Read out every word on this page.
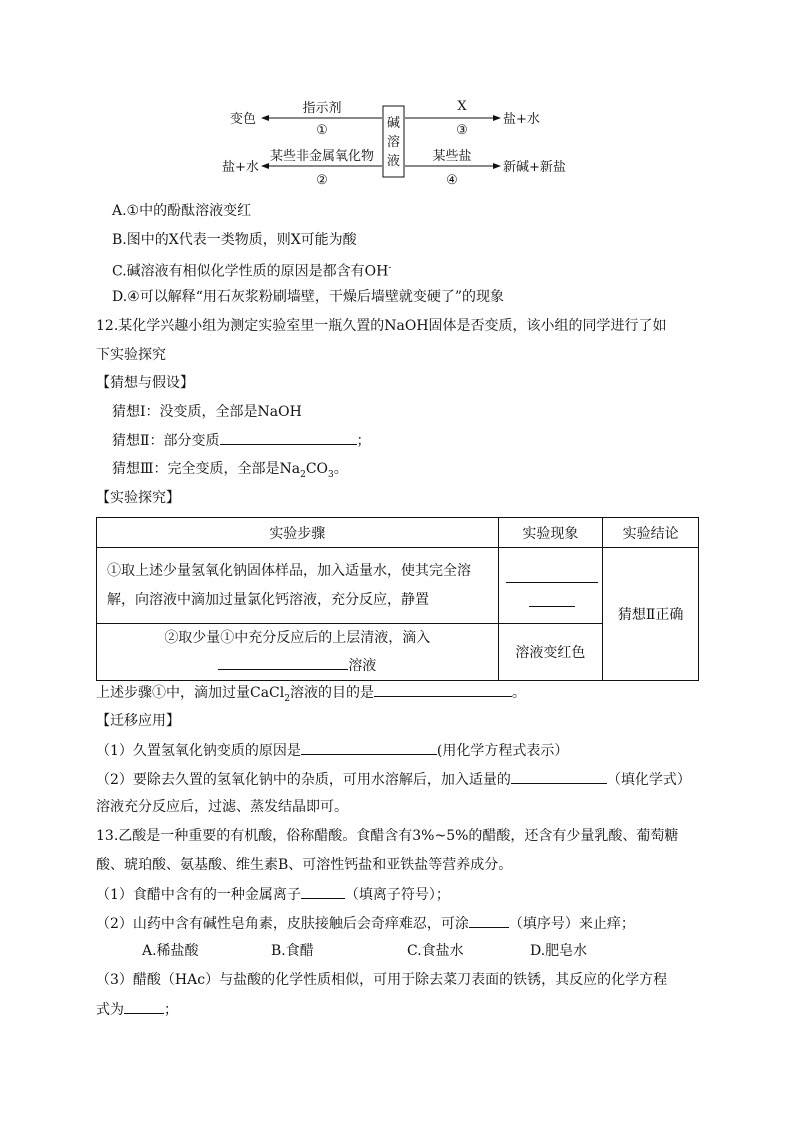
碱
溶
液
指示剂
①
变色
某些非金属氧化物
②
盐+水
X
③
盐+水
某些盐
④
新碱+新盐
A.①中的酚酞溶液变红
B.图中的X代表一类物质，则X可能为酸
C.碱溶液有相似化学性质的原因是都含有OH-
D.④可以解释“用石灰浆粉刷墙壁，干燥后墙壁就变硬了”的现象
12.某化学兴趣小组为测定实验室里一瓶久置的NaOH固体是否变质，该小组的同学进行了如
下实验探究
【猜想与假设】
猜想Ⅰ：没变质，全部是NaOH
猜想Ⅱ：部分变质	；
猜想Ⅲ：完全变质，全部是$Na_2CO_3$。
【实验探究】
实验步骤	实验现象	实验结论

①取上述少量氢氧化钠固体样品，加入适量水，使其完全溶
解，向溶液中滴加过量氯化钙溶液，充分反应，静置		猜想Ⅱ正确

②取少量①中充分反应后的上层清液，滴入
溶液	溶液变红色	
上述步骤①中，滴加过量CaCl$_2$溶液的目的是	。
【迁移应用】
（1）久置氢氧化钠变质的原因是	(用化学方程式表示）
（2）要除去久置的氢氧化钠中的杂质，可用水溶解后，加入适量的	（填化学式）
溶液充分反应后，过滤、蒸发结晶即可。
13.乙酸是一种重要的有机酸，俗称醋酸。食醋含有3%~5%的醋酸，还含有少量乳酸、葡萄糖
酸、琥珀酸、氨基酸、维生素B、可溶性钙盐和亚铁盐等营养成分。
（1）食醋中含有的一种金属离子	（填离子符号）；
（2）山药中含有碱性皂角素，皮肤接触后会奇痒难忍，可涂	（填序号）来止痒；
A.稀盐酸	B.食醋	C.食盐水	D.肥皂水
（3）醋酸（HAc）与盐酸的化学性质相似，可用于除去菜刀表面的铁锈，其反应的化学方程
式为	；
